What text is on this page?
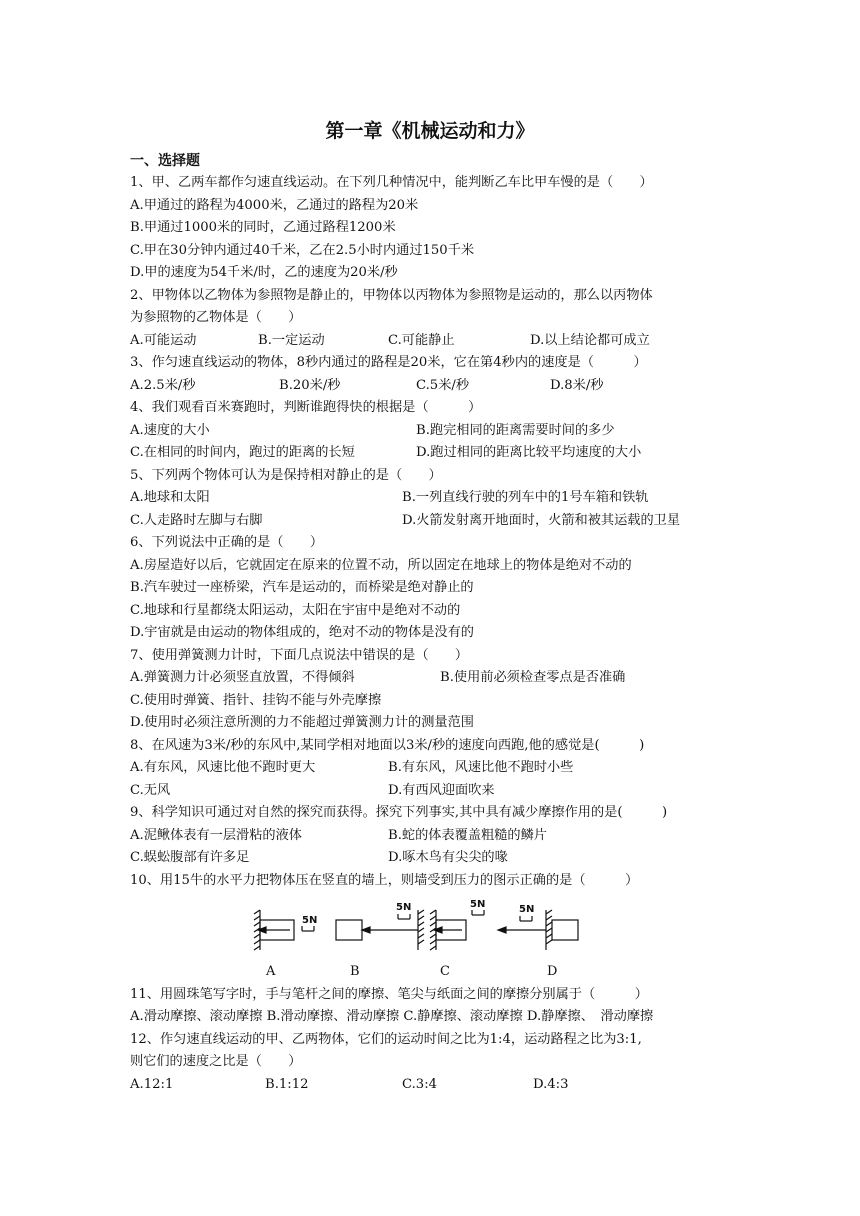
第一章《机械运动和力》
一、选择题
1、甲、乙两车都作匀速直线运动。在下列几种情况中，能判断乙车比甲车慢的是（　　）
A.甲通过的路程为4000米，乙通过的路程为20米
B.甲通过1000米的同时，乙通过路程1200米
C.甲在30分钟内通过40千米，乙在2.5小时内通过150千米
D.甲的速度为54千米/时，乙的速度为20米/秒
2、甲物体以乙物体为参照物是静止的，甲物体以丙物体为参照物是运动的，那么以丙物体
为参照物的乙物体是（　　）
A.可能运动	B.一定运动	C.可能静止	D.以上结论都可成立
3、作匀速直线运动的物体，8秒内通过的路程是20米，它在第4秒内的速度是（　　　）
A.2.5米/秒	B.20米/秒	C.5米/秒	D.8米/秒
4、我们观看百米赛跑时，判断谁跑得快的根据是（　　　）
A.速度的大小	B.跑完相同的距离需要时间的多少
C.在相同的时间内，跑过的距离的长短	D.跑过相同的距离比较平均速度的大小
5、下列两个物体可认为是保持相对静止的是（　　）
A.地球和太阳	B.一列直线行驶的列车中的1号车箱和铁轨
C.人走路时左脚与右脚	D.火箭发射离开地面时，火箭和被其运载的卫星
6、下列说法中正确的是（　　）
A.房屋造好以后，它就固定在原来的位置不动，所以固定在地球上的物体是绝对不动的
B.汽车驶过一座桥梁，汽车是运动的，而桥梁是绝对静止的
C.地球和行星都绕太阳运动，太阳在宇宙中是绝对不动的
D.宇宙就是由运动的物体组成的，绝对不动的物体是没有的
7、使用弹簧测力计时，下面几点说法中错误的是（　　）
A.弹簧测力计必须竖直放置，不得倾斜	B.使用前必须检查零点是否准确
C.使用时弹簧、指针、挂钩不能与外壳摩擦
D.使用时必须注意所测的力不能超过弹簧测力计的测量范围
8、在风速为3米/秒的东风中,某同学相对地面以3米/秒的速度向西跑,他的感觉是(　　　)
A.有东风，风速比他不跑时更大	B.有东风，风速比他不跑时小些
C.无风	D.有西风迎面吹来
9、科学知识可通过对自然的探究而获得。探究下列事实,其中具有减少摩擦作用的是(　　　)
A.泥鳅体表有一层滑粘的液体	B.蛇的体表覆盖粗糙的鳞片
C.蜈蚣腹部有许多足	D.啄木鸟有尖尖的喙
10、用15牛的水平力把物体压在竖直的墙上，则墙受到压力的图示正确的是（　　　）
5N
5N	5N	5N
A	B	C	D
11、用圆珠笔写字时，手与笔杆之间的摩擦、笔尖与纸面之间的摩擦分别属于（　　　）
A.滑动摩擦、滚动摩擦 B.滑动摩擦、滑动摩擦 C.静摩擦、滚动摩擦 D.静摩擦、　滑动摩擦
12、作匀速直线运动的甲、乙两物体，它们的运动时间之比为1:4，运动路程之比为3:1,
则它们的速度之比是（　　）
A.12:1	B.1:12	C.3:4	D.4:3
